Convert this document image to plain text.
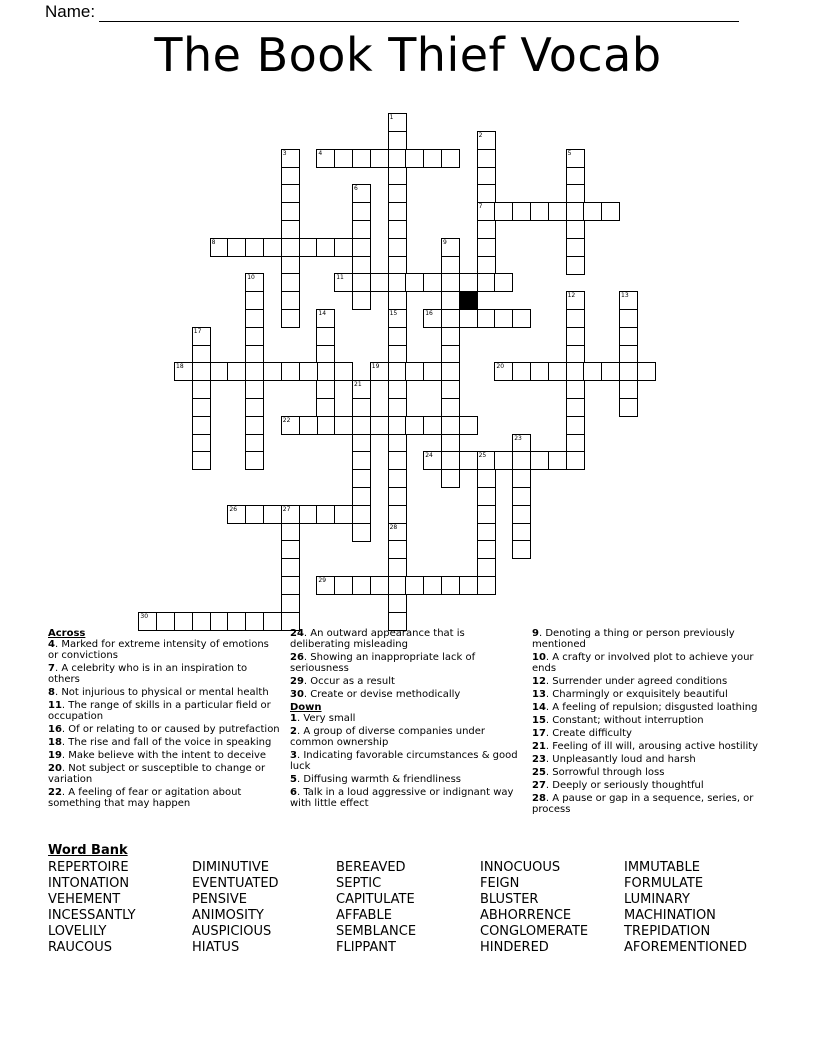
Name:
The Book Thief Vocab
1
15
28
2
7
3	4	5
6
8	9
10	11
12	13
14	16
17
18	19	20
21
22
23
24	25
26	27
29
30
Across
4. Marked for extreme intensity of emotions or convictions
7. A celebrity who is in an inspiration to others
8. Not injurious to physical or mental health
11. The range of skills in a particular field or occupation
16. Of or relating to or caused by putrefaction
18. The rise and fall of the voice in speaking
19. Make believe with the intent to deceive
20. Not subject or susceptible to change or variation
22. A feeling of fear or agitation about something that may happen
24. An outward appearance that is deliberating misleading
26. Showing an inappropriate lack of seriousness
29. Occur as a result
30. Create or devise methodically
Down
1. Very small
2. A group of diverse companies under common ownership
3. Indicating favorable circumstances & good luck
5. Diffusing warmth & friendliness
6. Talk in a loud aggressive or indignant way with little effect
9. Denoting a thing or person previously mentioned
10. A crafty or involved plot to achieve your ends
12. Surrender under agreed conditions
13. Charmingly or exquisitely beautiful
14. A feeling of repulsion; disgusted loathing
15. Constant; without interruption
17. Create difficulty
21. Feeling of ill will, arousing active hostility
23. Unpleasantly loud and harsh
25. Sorrowful through loss
27. Deeply or seriously thoughtful
28. A pause or gap in a sequence, series, or process
Word Bank
REPERTOIRE	DIMINUTIVE	BEREAVED	INNOCUOUS	IMMUTABLE
INTONATION	EVENTUATED	SEPTIC	FEIGN	FORMULATE
VEHEMENT	PENSIVE	CAPITULATE	BLUSTER	LUMINARY
INCESSANTLY	ANIMOSITY	AFFABLE	ABHORRENCE	MACHINATION
LOVELILY	AUSPICIOUS	SEMBLANCE	CONGLOMERATE	TREPIDATION
RAUCOUS	HIATUS	FLIPPANT	HINDERED	AFOREMENTIONED
